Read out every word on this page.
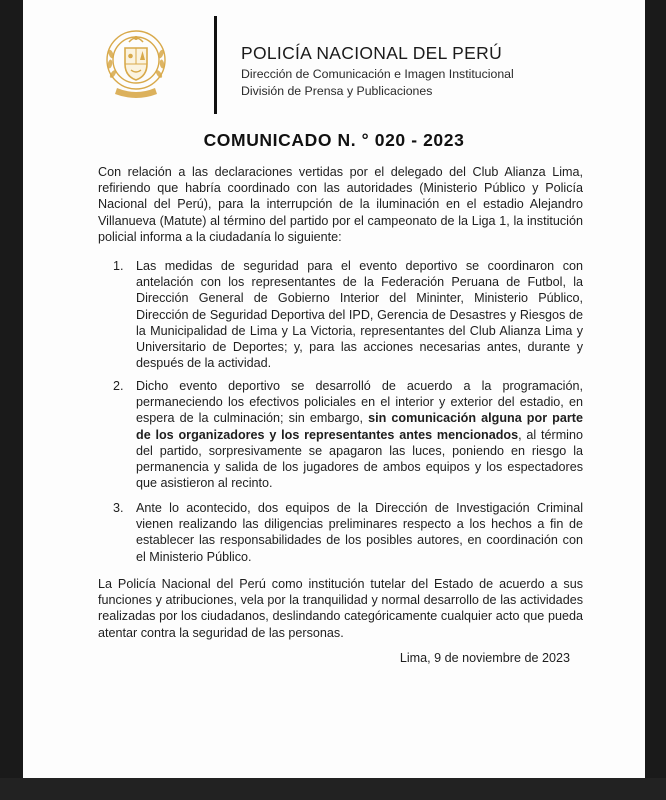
POLICÍA NACIONAL DEL PERÚ
Dirección de Comunicación e Imagen Institucional
División de Prensa y Publicaciones
COMUNICADO N. ° 020 - 2023
Con relación a las declaraciones vertidas por el delegado del Club Alianza Lima, refiriendo que habría coordinado con las autoridades (Ministerio Público y Policía Nacional del Perú), para la interrupción de la iluminación en el estadio Alejandro Villanueva (Matute) al término del partido por el campeonato de la Liga 1, la institución policial informa a la ciudadanía lo siguiente:
1. Las medidas de seguridad para el evento deportivo se coordinaron con antelación con los representantes de la Federación Peruana de Futbol, la Dirección General de Gobierno Interior del Mininter, Ministerio Público, Dirección de Seguridad Deportiva del IPD, Gerencia de Desastres y Riesgos de la Municipalidad de Lima y La Victoria, representantes del Club Alianza Lima y Universitario de Deportes; y, para las acciones necesarias antes, durante y después de la actividad.
2. Dicho evento deportivo se desarrolló de acuerdo a la programación, permaneciendo los efectivos policiales en el interior y exterior del estadio, en espera de la culminación; sin embargo, sin comunicación alguna por parte de los organizadores y los representantes antes mencionados, al término del partido, sorpresivamente se apagaron las luces, poniendo en riesgo la permanencia y salida de los jugadores de ambos equipos y los espectadores que asistieron al recinto.
3. Ante lo acontecido, dos equipos de la Dirección de Investigación Criminal vienen realizando las diligencias preliminares respecto a los hechos a fin de establecer las responsabilidades de los posibles autores, en coordinación con el Ministerio Público.
La Policía Nacional del Perú como institución tutelar del Estado de acuerdo a sus funciones y atribuciones, vela por la tranquilidad y normal desarrollo de las actividades realizadas por los ciudadanos, deslindando categóricamente cualquier acto que pueda atentar contra la seguridad de las personas.
Lima, 9 de noviembre de 2023
